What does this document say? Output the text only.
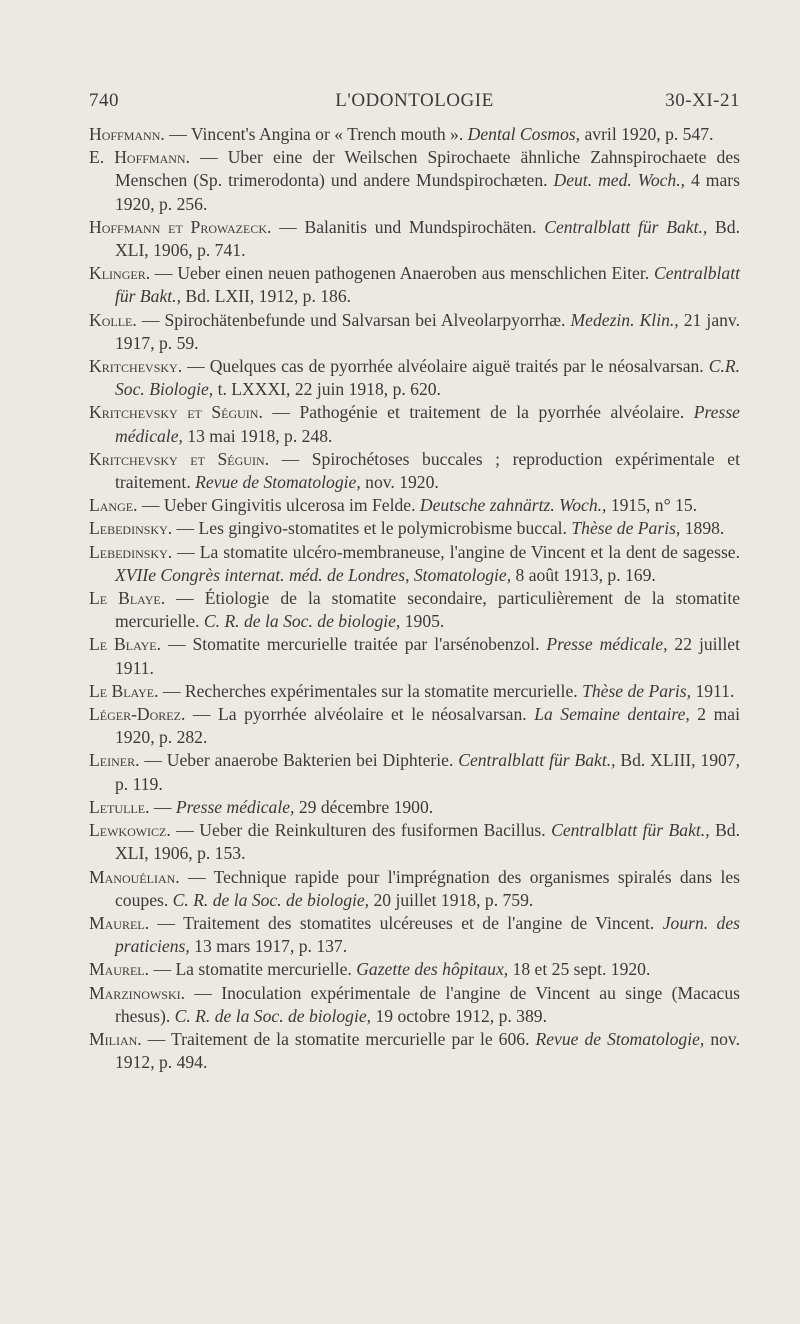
740	L'ODONTOLOGIE	30-XI-21

Hoffmann. — Vincent's Angina or « Trench mouth ». Dental Cosmos, avril 1920, p. 547.

E. Hoffmann. — Uber eine der Weilschen Spirochaete ähnliche Zahnspirochaete des Menschen (Sp. trimerodonta) und andere Mundspirochæten. Deut. med. Woch., 4 mars 1920, p. 256.

Hoffmann et Prowazeck. — Balanitis und Mundspirochäten. Centralblatt für Bakt., Bd. XLI, 1906, p. 741.

Klinger. — Ueber einen neuen pathogenen Anaeroben aus menschlichen Eiter. Centralblatt für Bakt., Bd. LXII, 1912, p. 186.

Kolle. — Spirochätenbefunde und Salvarsan bei Alveolarpyorrhæ. Medezin. Klin., 21 janv. 1917, p. 59.

Kritchevsky. — Quelques cas de pyorrhée alvéolaire aiguë traités par le néosalvarsan. C.R. Soc. Biologie, t. LXXXI, 22 juin 1918, p. 620.

Kritchevsky et Séguin. — Pathogénie et traitement de la pyorrhée alvéolaire. Presse médicale, 13 mai 1918, p. 248.

Kritchevsky et Séguin. — Spirochétoses buccales ; reproduction expérimentale et traitement. Revue de Stomatologie, nov. 1920.

Lange. — Ueber Gingivitis ulcerosa im Felde. Deutsche zahnärtz. Woch., 1915, n° 15.

Lebedinsky. — Les gingivo-stomatites et le polymicrobisme buccal. Thèse de Paris, 1898.

Lebedinsky. — La stomatite ulcéro-membraneuse, l'angine de Vincent et la dent de sagesse. XVIIe Congrès internat. méd. de Londres, Stomatologie, 8 août 1913, p. 169.

Le Blaye. — Étiologie de la stomatite secondaire, particulièrement de la stomatite mercurielle. C. R. de la Soc. de biologie, 1905.

Le Blaye. — Stomatite mercurielle traitée par l'arsénobenzol. Presse médicale, 22 juillet 1911.

Le Blaye. — Recherches expérimentales sur la stomatite mercurielle. Thèse de Paris, 1911.

Léger-Dorez. — La pyorrhée alvéolaire et le néosalvarsan. La Semaine dentaire, 2 mai 1920, p. 282.

Leiner. — Ueber anaerobe Bakterien bei Diphterie. Centralblatt für Bakt., Bd. XLIII, 1907, p. 119.

Letulle. — Presse médicale, 29 décembre 1900.

Lewkowicz. — Ueber die Reinkulturen des fusiformen Bacillus. Centralblatt für Bakt., Bd. XLI, 1906, p. 153.

Manouélian. — Technique rapide pour l'imprégnation des organismes spiralés dans les coupes. C. R. de la Soc. de biologie, 20 juillet 1918, p. 759.

Maurel. — Traitement des stomatites ulcéreuses et de l'angine de Vincent. Journ. des praticiens, 13 mars 1917, p. 137.

Maurel. — La stomatite mercurielle. Gazette des hôpitaux, 18 et 25 sept. 1920.

Marzinowski. — Inoculation expérimentale de l'angine de Vincent au singe (Macacus rhesus). C. R. de la Soc. de biologie, 19 octobre 1912, p. 389.

Milian. — Traitement de la stomatite mercurielle par le 606. Revue de Stomatologie, nov. 1912, p. 494.
